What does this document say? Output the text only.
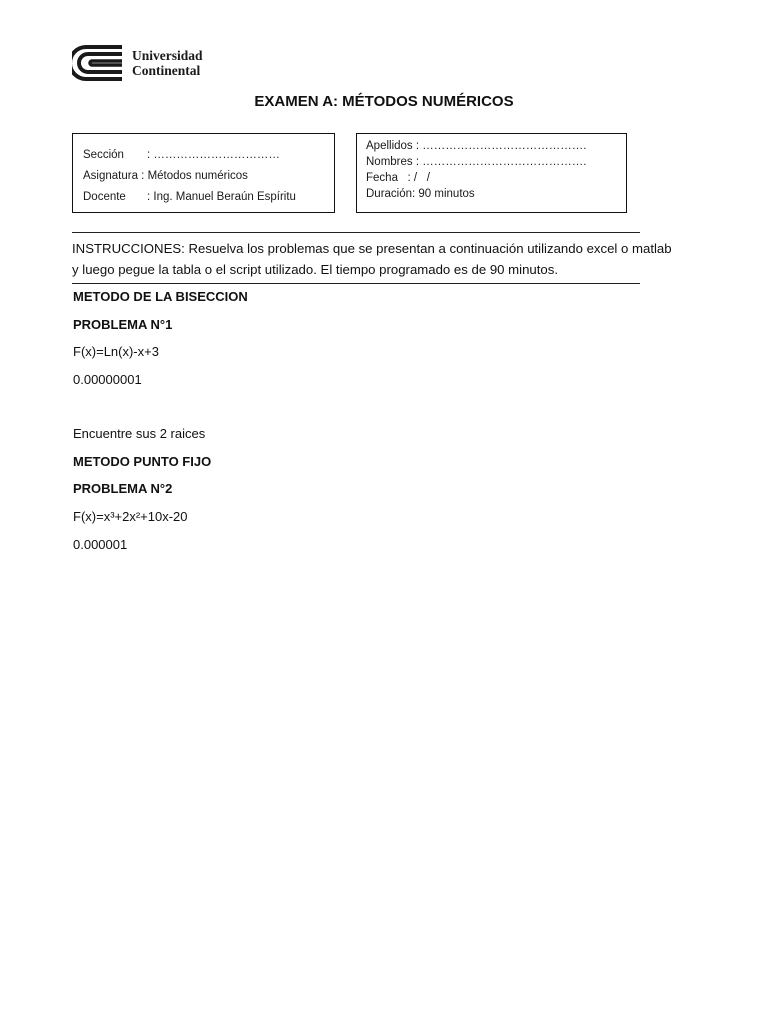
Universidad
Continental
EXAMEN A: MÉTODOS NUMÉRICOS
Sección : ……………………………
Asignatura : Métodos numéricos
Docente : Ing. Manuel Beraún Espíritu
Apellidos : …………………………………….
Nombres : …………………………………….
Fecha   : /   /
Duración: 90 minutos
INSTRUCCIONES: Resuelva los problemas que se presentan a continuación utilizando excel o matlab
y luego pegue la tabla o el script utilizado. El tiempo programado es de 90 minutos.
METODO DE LA BISECCION
PROBLEMA N°1
F(x)=Ln(x)-x+3
0.00000001
Encuentre sus 2 raices
METODO PUNTO FIJO
PROBLEMA N°2
F(x)=x³+2x²+10x-20
0.000001
